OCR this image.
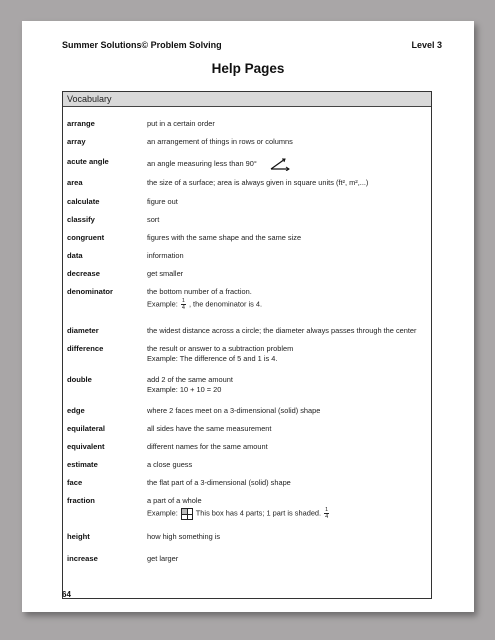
Summer Solutions© Problem Solving	Level 3
Help Pages
Vocabulary
arrange	put in a certain order
array	an arrangement of things in rows or columns
acute angle	an angle measuring less than 90°
area	the size of a surface; area is always given in square units (ft², m²,...)
calculate	figure out
classify	sort
congruent	figures with the same shape and the same size
data	information
decrease	get smaller
denominator	the bottom number of a fraction.
Example: $\frac{1}{4}$ , the denominator is 4.
diameter	the widest distance across a circle; the diameter always passes through the center
difference	the result or answer to a subtraction problem
Example: The difference of 5 and 1 is 4.
double	add 2 of the same amount
Example: 10 + 10 = 20
edge	where 2 faces meet on a 3-dimensional (solid) shape
equilateral	all sides have the same measurement
equivalent	different names for the same amount
estimate	a close guess
face	the flat part of a 3-dimensional (solid) shape
fraction	a part of a whole
Example: This box has 4 parts; 1 part is shaded. $\frac{1}{4}$
height	how high something is
increase	get larger
64
